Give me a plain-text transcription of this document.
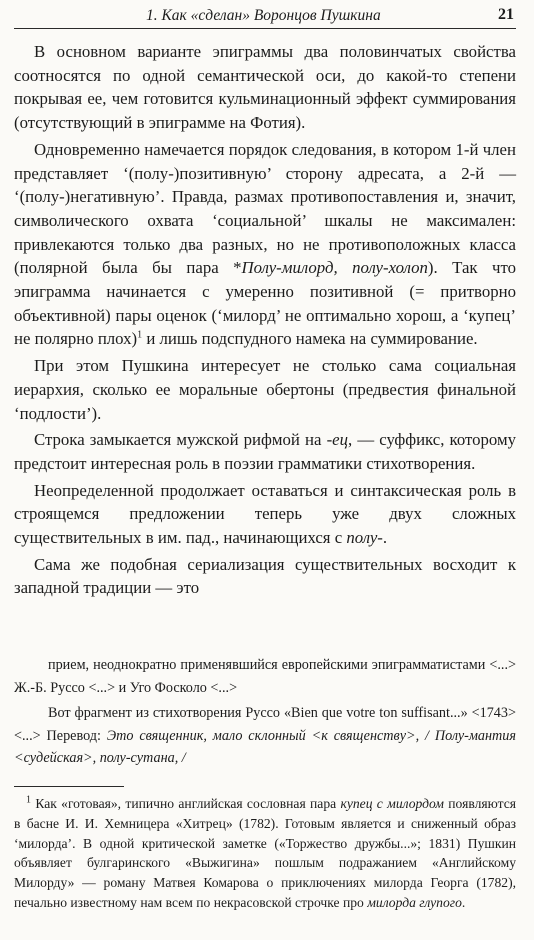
1. Как «сделан» Воронцов Пушкина	21

В основном варианте эпиграммы два половинчатых свойства соотносятся по одной семантической оси, до какой-то степени покрывая ее, чем готовится кульминационный эффект суммирования (отсутствующий в эпиграмме на Фотия).

Одновременно намечается порядок следования, в котором 1-й член представляет ‘(полу-)позитивную’ сторону адресата, а 2-й — ‘(полу-)негативную’. Правда, размах противопоставления и, значит, символического охвата ‘социальной’ шкалы не максимален: привлекаются только два разных, но не противоположных класса (полярной была бы пара *Полу-милорд, полу-холоп). Так что эпиграмма начинается с умеренно позитивной (= притворно объективной) пары оценок (‘милорд’ не оптимально хорош, а ‘купец’ не полярно плох)$^1$ и лишь подспудного намека на суммирование.

При этом Пушкина интересует не столько сама социальная иерархия, сколько ее моральные обертоны (предвестия финальной ‘подлости’).

Строка замыкается мужской рифмой на -ец, — суффикс, которому предстоит интересная роль в поэзии грамматики стихотворения.

Неопределенной продолжает оставаться и синтаксическая роль в строящемся предложении теперь уже двух сложных существительных в им. пад., начинающихся с полу-.

Сама же подобная сериализация существительных восходит к западной традиции — это

прием, неоднократно применявшийся европейскими эпиграмматистами <...> Ж.-Б. Руссо <...> и Уго Фосколо <...>

Вот фрагмент из стихотворения Руссо «Bien que votre ton suffisant...» <1743> <...> Перевод: Это священник, мало склонный <к священству>, / Полу-мантия <судейская>, полу-сутана, /

$^1$ Как «готовая», типично английская сословная пара купец с милордом появляются в басне И. И. Хемницера «Хитрец» (1782). Готовым является и сниженный образ ‘милорда’. В одной критической заметке («Торжество дружбы...»; 1831) Пушкин объявляет булгаринского «Выжигина» пошлым подражанием «Английскому Милорду» — роману Матвея Комарова о приключениях милорда Георга (1782), печально известному нам всем по некрасовской строчке про милорда глупого.
